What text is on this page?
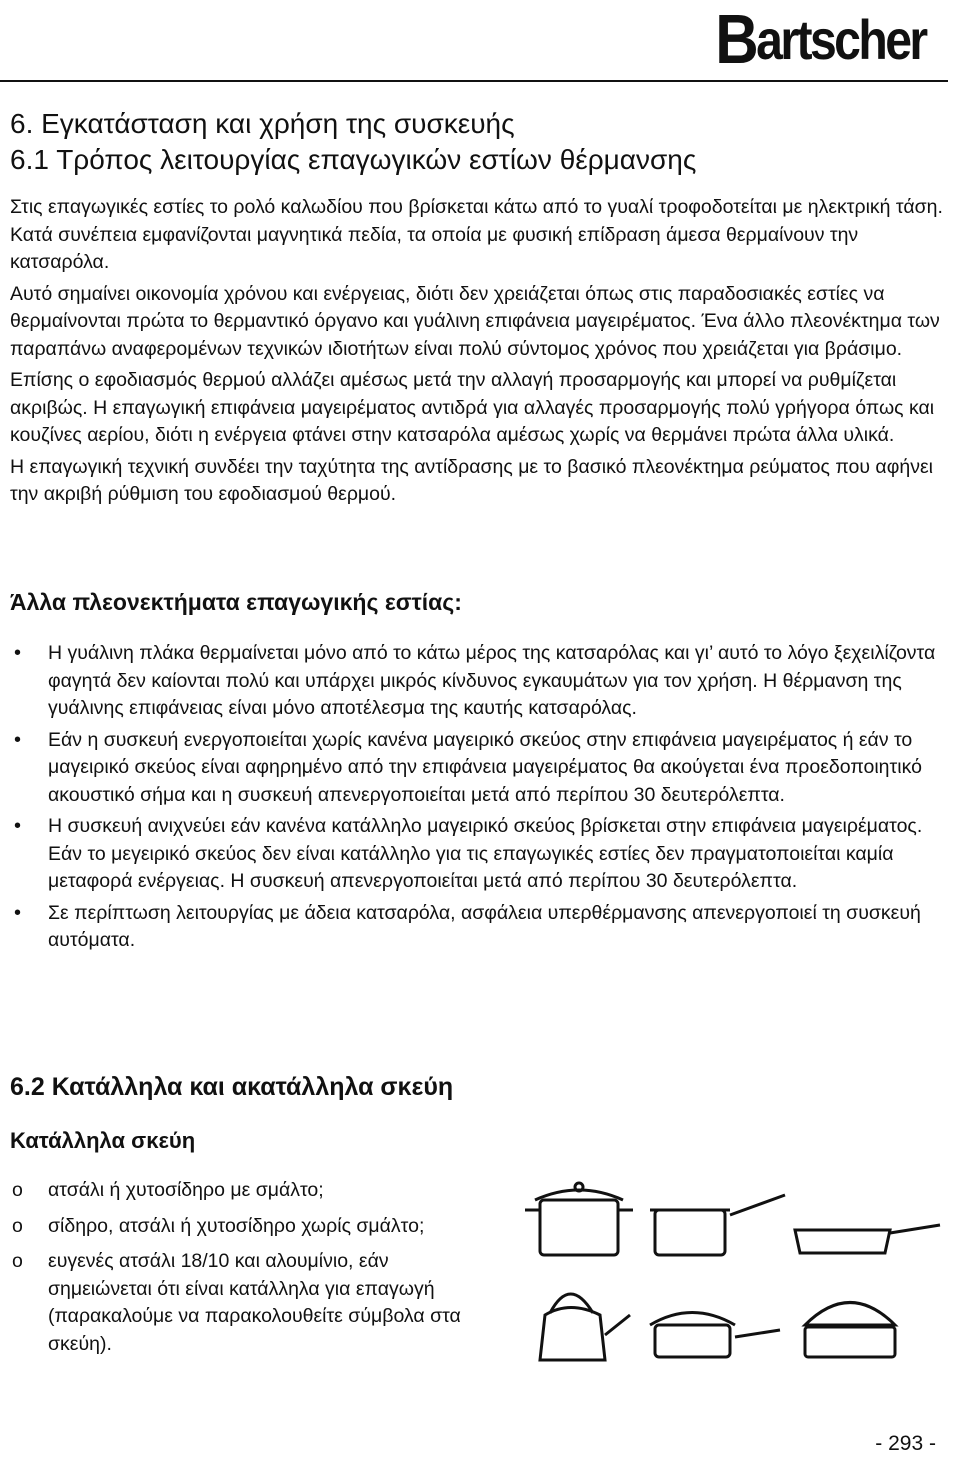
Bartscher
6. Εγκατάσταση και χρήση της συσκευής
6.1 Τρόπος λειτουργίας επαγωγικών εστίων θέρμανσης

Στις επαγωγικές εστίες το ρολό καλωδίου που βρίσκεται κάτω από το γυαλί τροφοδοτείται με ηλεκτρική τάση. Κατά συνέπεια εμφανίζονται μαγνητικά πεδία, τα οποία με φυσική επίδραση άμεσα θερμαίνουν την κατσαρόλα.

Αυτό σημαίνει οικονομία χρόνου και ενέργειας, διότι δεν χρειάζεται όπως στις παραδοσιακές εστίες να θερμαίνονται πρώτα το θερμαντικό όργανο και γυάλινη επιφάνεια μαγειρέματος. Ένα άλλο πλεονέκτημα των παραπάνω αναφερομένων τεχνικών ιδιοτήτων είναι πολύ σύντομος χρόνος που χρειάζεται για βράσιμο.

Επίσης ο εφοδιασμός θερμού αλλάζει αμέσως μετά την αλλαγή προσαρμογής και μπορεί να ρυθμίζεται ακριβώς. Η επαγωγική επιφάνεια μαγειρέματος αντιδρά για αλλαγές προσαρμογής πολύ γρήγορα όπως και κουζίνες αερίου, διότι η ενέργεια φτάνει στην κατσαρόλα αμέσως χωρίς να θερμάνει πρώτα άλλα υλικά.

Η επαγωγική τεχνική συνδέει την ταχύτητα της αντίδρασης με το βασικό πλεονέκτημα ρεύματος που αφήνει την ακριβή ρύθμιση του εφοδιασμού θερμού.

Άλλα πλεονεκτήματα επαγωγικής εστίας:
• Η γυάλινη πλάκα θερμαίνεται μόνο από το κάτω μέρος της κατσαρόλας και γι’ αυτό το λόγο ξεχειλίζοντα φαγητά δεν καίονται πολύ και υπάρχει μικρός κίνδυνος εγκαυμάτων για τον χρήση. Η θέρμανση της γυάλινης επιφάνειας είναι μόνο αποτέλεσμα της καυτής κατσαρόλας.
• Εάν η συσκευή ενεργοποιείται χωρίς κανένα μαγειρικό σκεύος στην επιφάνεια μαγειρέματος ή εάν το μαγειρικό σκεύος είναι αφηρημένο από την επιφάνεια μαγειρέματος θα ακούγεται ένα προεδοποιητικό ακουστικό σήμα και η συσκευή απενεργοποιείται μετά από περίπου 30 δευτερόλεπτα.
• Η συσκευή ανιχνεύει εάν κανένα κατάλληλο μαγειρικό σκεύος βρίσκεται στην επιφάνεια μαγειρέματος. Εάν το μεγειρικό σκεύος δεν είναι κατάλληλο για τις επαγωγικές εστίες δεν πραγματοποιείται καμία μεταφορά ενέργειας. Η συσκευή απενεργοποιείται μετά από περίπου 30 δευτερόλεπτα.
• Σε περίπτωση λειτουργίας με άδεια κατσαρόλα, ασφάλεια υπερθέρμανσης απενεργοποιεί τη συσκευή αυτόματα.
6.2 Κατάλληλα και ακατάλληλα σκεύη
Κατάλληλα σκεύη
o ατσάλι ή χυτοσίδηρο με σμάλτο;
o σίδηρο, ατσάλι ή χυτοσίδηρο χωρίς σμάλτο;
o ευγενές ατσάλι 18/10 και αλουμίνιο, εάν σημειώνεται ότι είναι κατάλληλα για επαγωγή (παρακαλούμε να παρακολουθείτε σύμβολα στα σκεύη).
- 293 -
